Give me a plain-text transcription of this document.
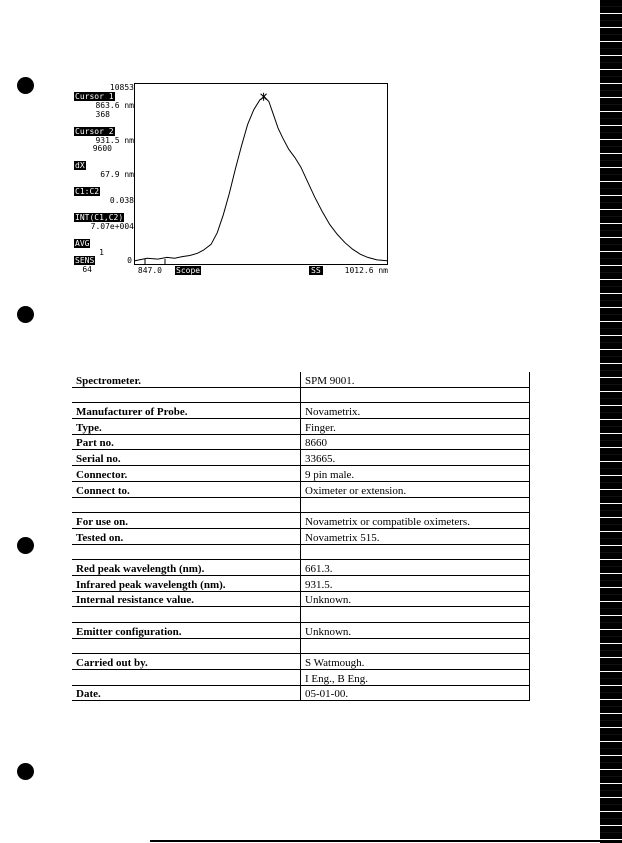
10853
Cursor 1
863.6 nm
368
Cursor 2
931.5 nm
9600
dX
67.9 nm
C1:C2
0.038
INT(C1,C2)
7.07e+004
AVG
1
SENS
64
0
847.0 Scope	SS	1012.6 nm
Spectrometer.	SPM 9001.

Manufacturer of Probe.	Novametrix.
Type.	Finger.
Part no.	8660
Serial no.	33665.
Connector.	9 pin male.
Connect to.	Oximeter or extension.

For use on.	Novametrix or compatible oximeters.
Tested on.	Novametrix 515.

Red peak wavelength (nm).	661.3.
Infrared peak wavelength (nm).	931.5.
Internal resistance value.	Unknown.

Emitter configuration.	Unknown.

Carried out by.	S Watmough.
	I Eng., B Eng.
Date.	05-01-00.
